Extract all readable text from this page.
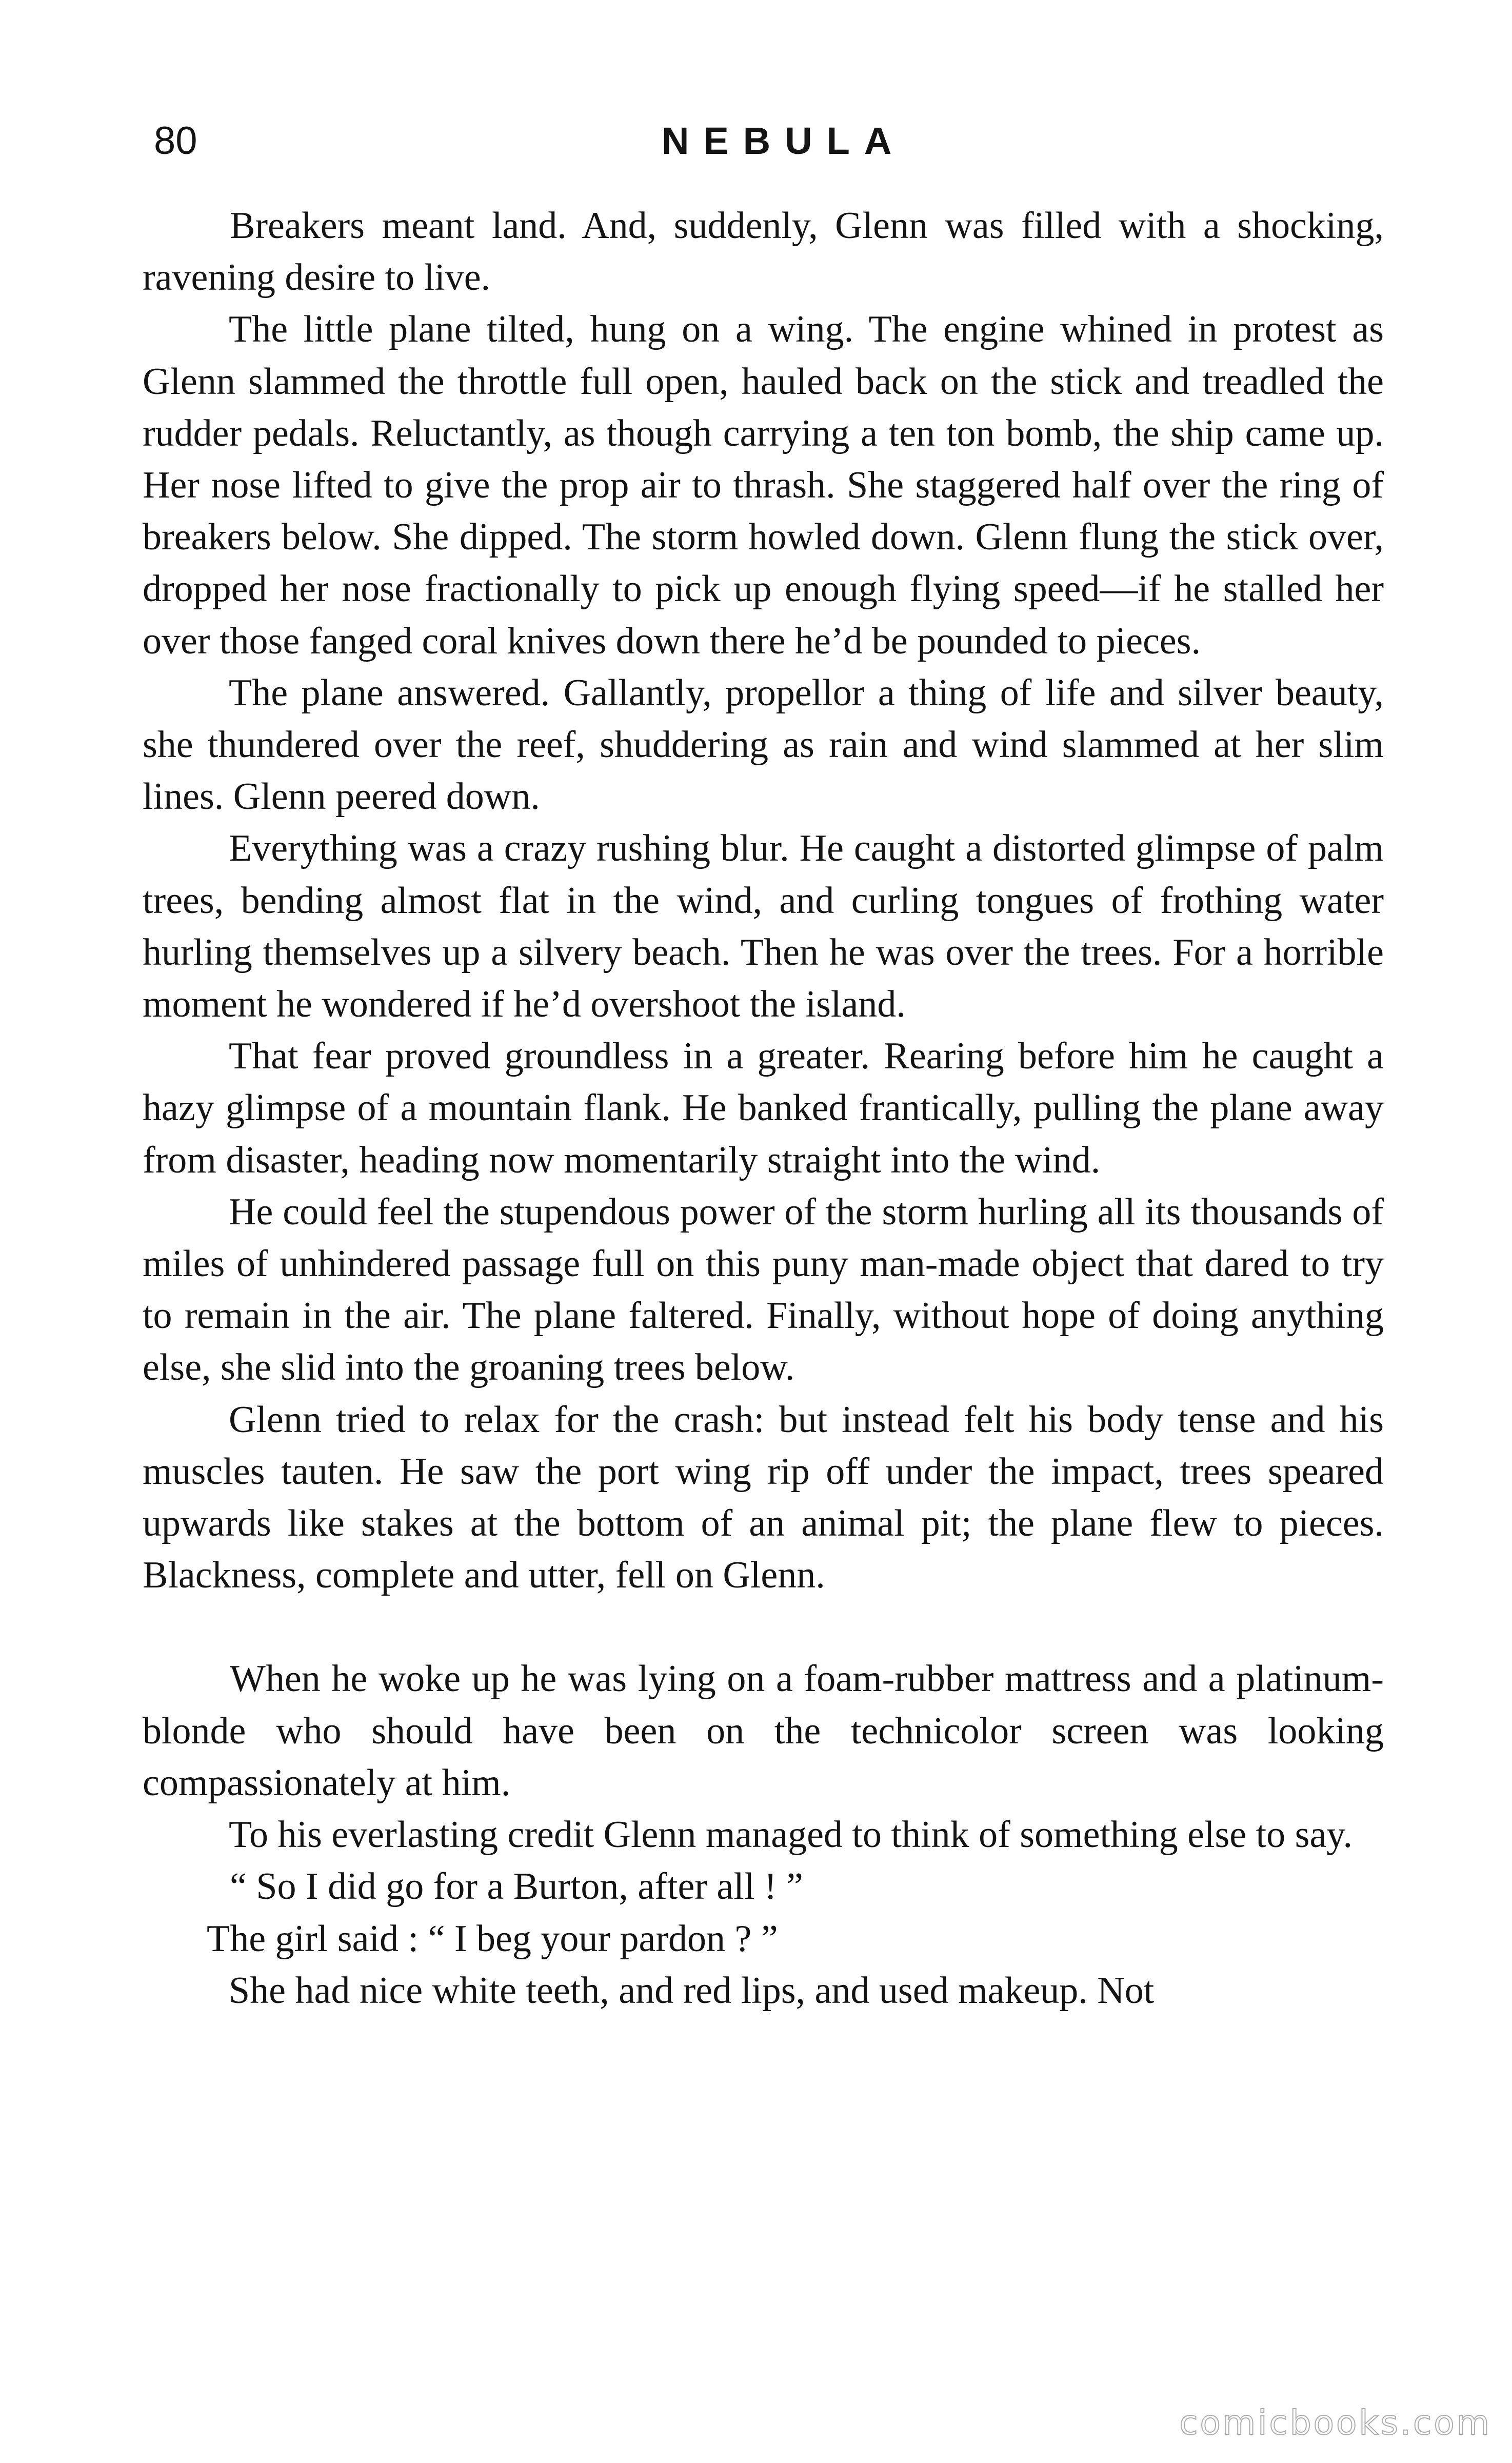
80	NEBULA

Breakers meant land. And, suddenly, Glenn was filled with a shocking, ravening desire to live.

The little plane tilted, hung on a wing. The engine whined in protest as Glenn slammed the throttle full open, hauled back on the stick and treadled the rudder pedals. Reluctantly, as though carrying a ten ton bomb, the ship came up. Her nose lifted to give the prop air to thrash. She staggered half over the ring of breakers below. She dipped. The storm howled down. Glenn flung the stick over, dropped her nose fractionally to pick up enough flying speed—if he stalled her over those fanged coral knives down there he’d be pounded to pieces.

The plane answered. Gallantly, propellor a thing of life and silver beauty, she thundered over the reef, shuddering as rain and wind slammed at her slim lines. Glenn peered down.

Everything was a crazy rushing blur. He caught a distorted glimpse of palm trees, bending almost flat in the wind, and curling tongues of frothing water hurling themselves up a silvery beach. Then he was over the trees. For a horrible moment he wondered if he’d overshoot the island.

That fear proved groundless in a greater. Rearing before him he caught a hazy glimpse of a mountain flank. He banked frantically, pulling the plane away from disaster, heading now momentarily straight into the wind.

He could feel the stupendous power of the storm hurling all its thousands of miles of unhindered passage full on this puny man-made object that dared to try to remain in the air. The plane faltered. Finally, without hope of doing anything else, she slid into the groaning trees below.

Glenn tried to relax for the crash: but instead felt his body tense and his muscles tauten. He saw the port wing rip off under the impact, trees speared upwards like stakes at the bottom of an animal pit; the plane flew to pieces. Blackness, complete and utter, fell on Glenn.

When he woke up he was lying on a foam-rubber mattress and a platinum-blonde who should have been on the technicolor screen was looking compassionately at him.

To his everlasting credit Glenn managed to think of something else to say.

“ So I did go for a Burton, after all ! ”

The girl said : “ I beg your pardon ? ”

She had nice white teeth, and red lips, and used makeup. Not

comicbooks.com
